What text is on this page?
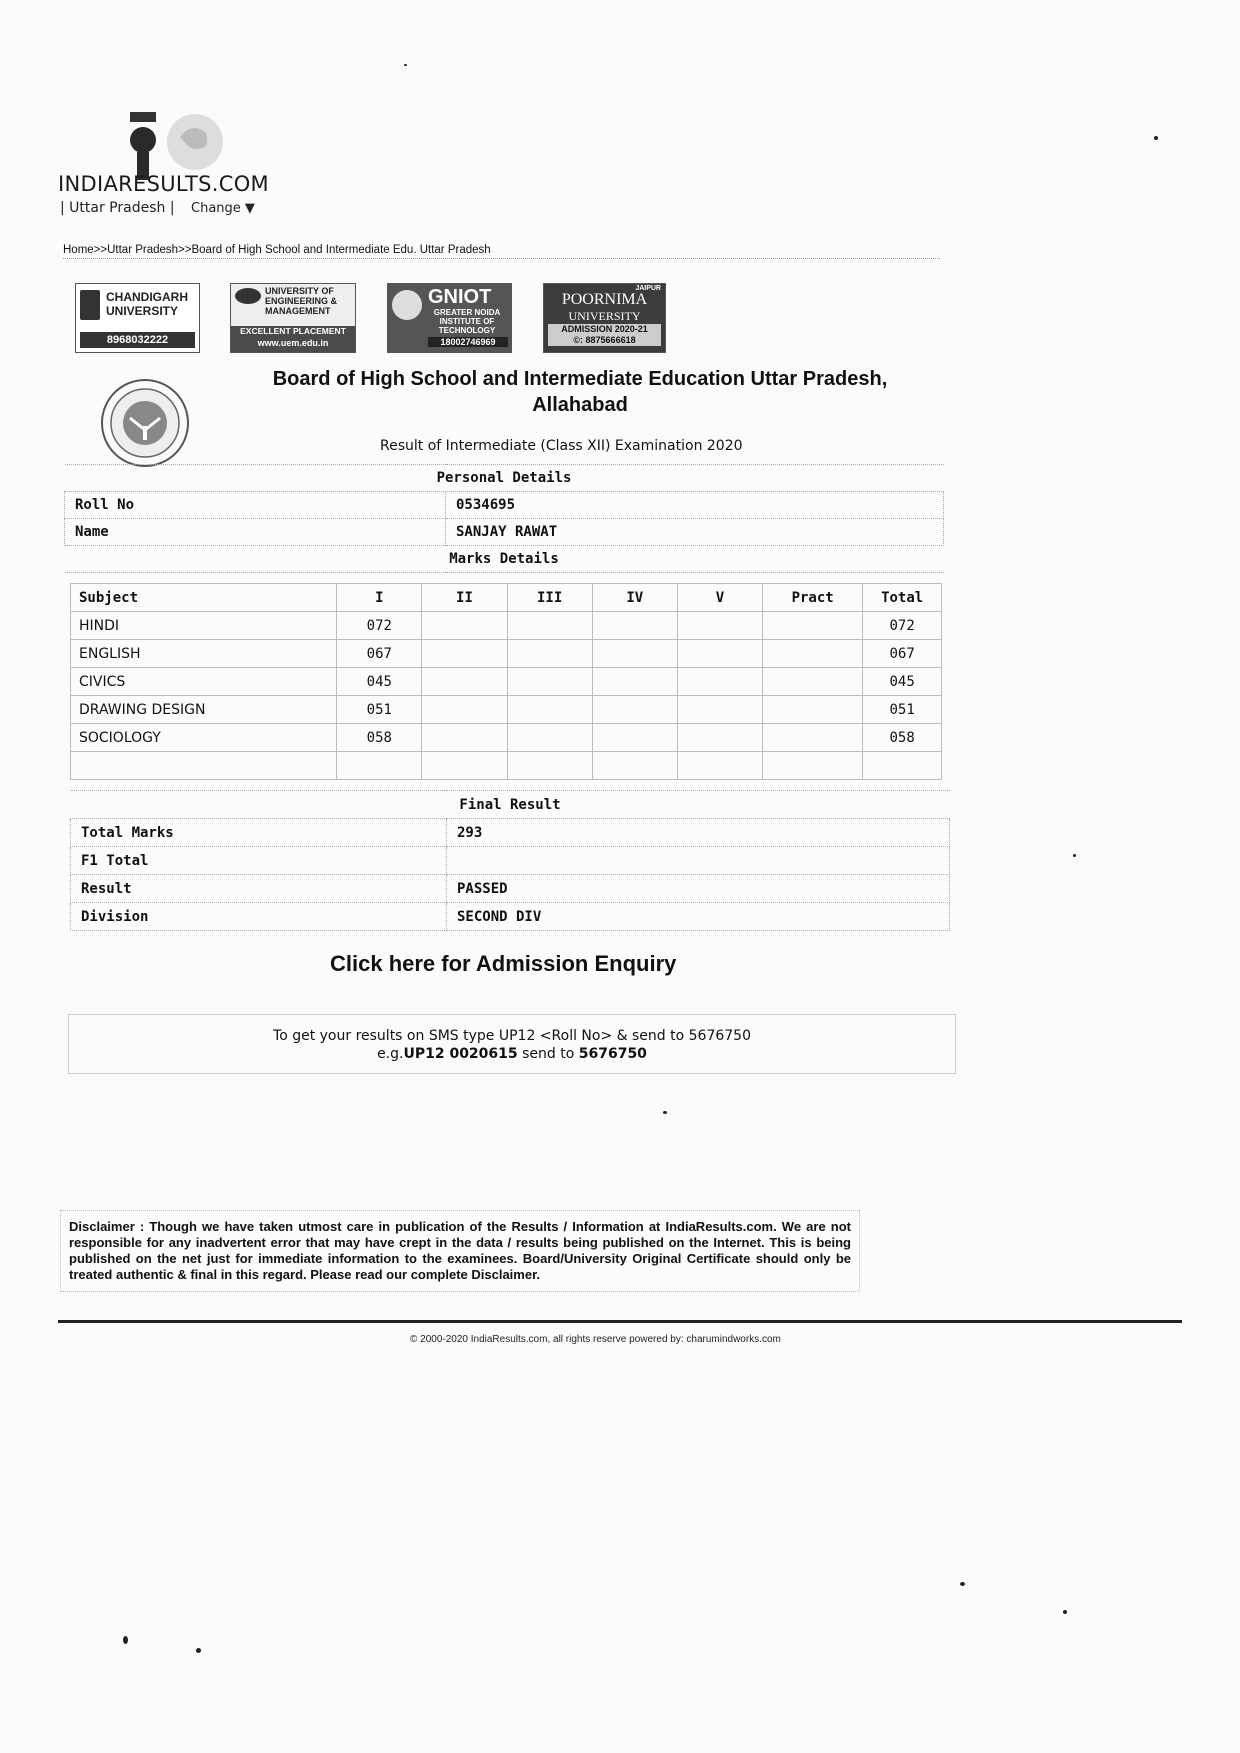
INDIARESULTS.COM
| Uttar Pradesh | Change ▼
Home>>Uttar Pradesh>>Board of High School and Intermediate Edu. Uttar Pradesh
CHANDIGARH
UNIVERSITY
8968032222
UNIVERSITY OF
ENGINEERING &
MANAGEMENT
EXCELLENT PLACEMENT
www.uem.edu.in
GNIOT
GREATER NOIDA
INSTITUTE OF
TECHNOLOGY
18002746969
JAIPUR
POORNIMA
UNIVERSITY
ADMISSION 2020-21
©: 8875666618
Board of High School and Intermediate Education Uttar Pradesh,
Allahabad
Result of Intermediate (Class XII) Examination 2020
Personal Details	
Roll No	0534695
Name	SANJAY RAWAT
Marks Details	
Subject	I	II	III	IV	V	Pract	Total
HINDI	072						072
ENGLISH	067						067
CIVICS	045						045
DRAWING DESIGN	051						051
SOCIOLOGY	058						058

Final Result	
Total Marks	293
F1 Total	
Result	PASSED
Division	SECOND DIV
Click here for Admission Enquiry
To get your results on SMS type UP12 <Roll No> & send to 5676750
e.g.UP12 0020615 send to 5676750
Disclaimer : Though we have taken utmost care in publication of the Results / Information at IndiaResults.com. We are not responsible for any inadvertent error that may have crept in the data / results being published on the Internet. This is being published on the net just for immediate information to the examinees. Board/University Original Certificate should only be treated authentic & final in this regard. Please read our complete Disclaimer.
© 2000-2020 IndiaResults.com, all rights reserve powered by: charumindworks.com
